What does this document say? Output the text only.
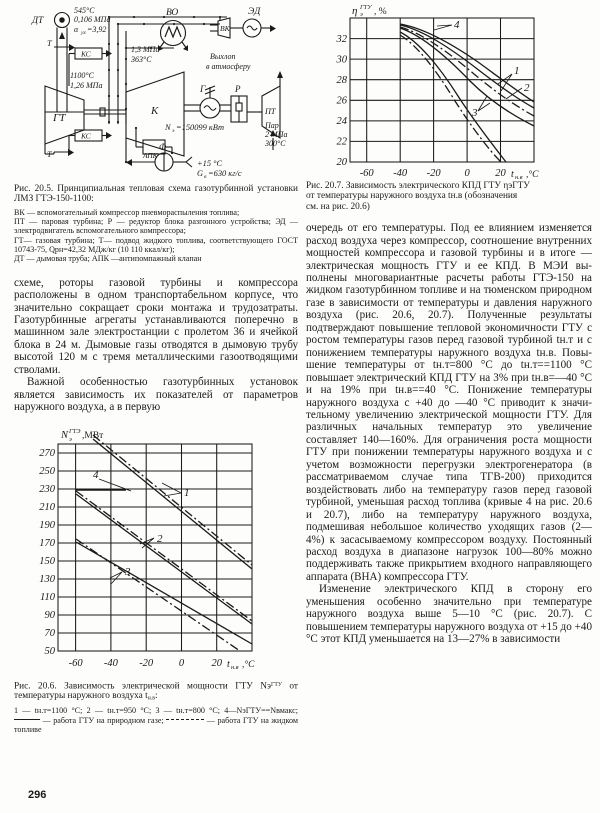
ДТ
545°C
0,106 МПа
α ух =3,92
Т
Т
КС
КС
ГТ
1100°C
1,26 МПа
1,3 МПа
363°C
ВО
ВК
ЭД
Выхлоп
в атмосферу
К
Г	Р
ПТ
N э =150099 кВт	Пар
2 МПа
300°C
Ф
АПК
+15 °C
G в =630 кг/с
Рис. 20.5. Принципиальная тепловая схема газотурбинной установки ЛМЗ ГТЭ-150-1100:
ВК — вспомогательный компрессор пневмораспыления топлива;
ПТ — паровая турбина; Р — редуктор блока разгонного устройства; ЭД — электродвигатель вспомогательного компрессора;
ГТ— газовая турбина; Т— подвод жидкого топлива, соответствующего ГОСТ 10743-75, Qрн=42,32 МДж/кг (10 110 ккал/кг);
ДТ — дымовая труба; АПК —антипомпажный клапан

схеме, роторы газовой турбины и компрессора расположены в одном транспортабельном корпусе, что значительно сокращает сроки монтажа и трудозатраты. Газотурбинные агрегаты устанавливаются поперечно в машинном зале электростанции с пролетом 36 и ячейкой блока в 24 м. Дымовые газы отводятся в дымовую трубу высотой 120 м с тремя металлическими газоотводящими стволами.

Важной особенностью газотурбинных установок является зависимость их показателей от параметров наружного воздуха, а в первую

270
250
230
210
190
170
150
130
110
90
70
50
-60 -40 -20 0	20
N э
ГТЭ ,МВт
t н.в ,°C
1
2
3
4
Рис. 20.6. Зависимость электрической мощности ГТУ $Nэ^{ГТУ}$ от температуры наружного воздуха $t_{н.в}$:
1 — tн.т=1100 °С; 2 — tн.т=950 °С; 3 — tн.т=800 °С; 4—NэГТУ==Nвмакс;  — работа ГТУ на природном газе;	— работа ГТУ на жидком топливе
296
32
30
28
26
24
22
20
-60 -40 -20 0 20
η э
ГТУ , %
t н.в ,°C
4
1
2
3
Рис. 20.7. Зависимость электрического КПД ГТУ ηэГТУ
от температуры наружного воздуха tн.в (обозначения
см. на рис. 20.6)

очередь от его температуры. Под ее влиянием изменяется расход воздуха через компрессор, соотношение внутренних мощностей компрессора и газовой турбины и в итоге — электрическая мощность ГТУ и ее КПД. В МЭИ выполнены многовариантные расчеты работы ГТЭ-150 на жидком газотурбинном топливе и на тюменском природном газе в зависимости от температуры и давления наружного воздуха (рис. 20.6, 20.7). Полученные результаты подтверждают повышение тепловой экономичности ГТУ с ростом температуры газов перед газовой турбиной tн.т и с понижением температуры наружного воздуха tн.в. Повышение температуры от tн.т=800 °С до tн.т==1100 °С повышает электрический КПД ГТУ на 3% при tн.в=—40 °С и на 19% при tн.в==40 °С. Понижение температуры наружного воздуха с +40 до —40 °С приводит к значительному увеличению электрической мощности ГТУ. Для различных начальных температур это увеличение составляет 140—160%. Для ограничения роста мощности ГТУ при понижении температуры наружного воздуха и с учетом возможности перегрузки электрогенератора (в рассматриваемом случае типа ТГВ-200) приходится воздействовать либо на температуру газов перед газовой турбиной, уменьшая расход топлива (кривые 4 на рис. 20.6 и 20.7), либо на температуру наружного воздуха, подмешивая небольшое количество уходящих газов (2—4%) к засасываемому компрессором воздуху. Постоянный расход воздуха в диапазоне нагрузок 100—80% можно поддерживать также прикрытием входного направляющего аппарата (ВНА) компрессора ГТУ.

Изменение электрического КПД в сторону его уменьшения особенно значительно при температуре наружного воздуха выше 5—10 °С (рис. 20.7). С повышением температуры наружного воздуха от +15 до +40 °С этот КПД уменьшается на 13—27% в зависимости
